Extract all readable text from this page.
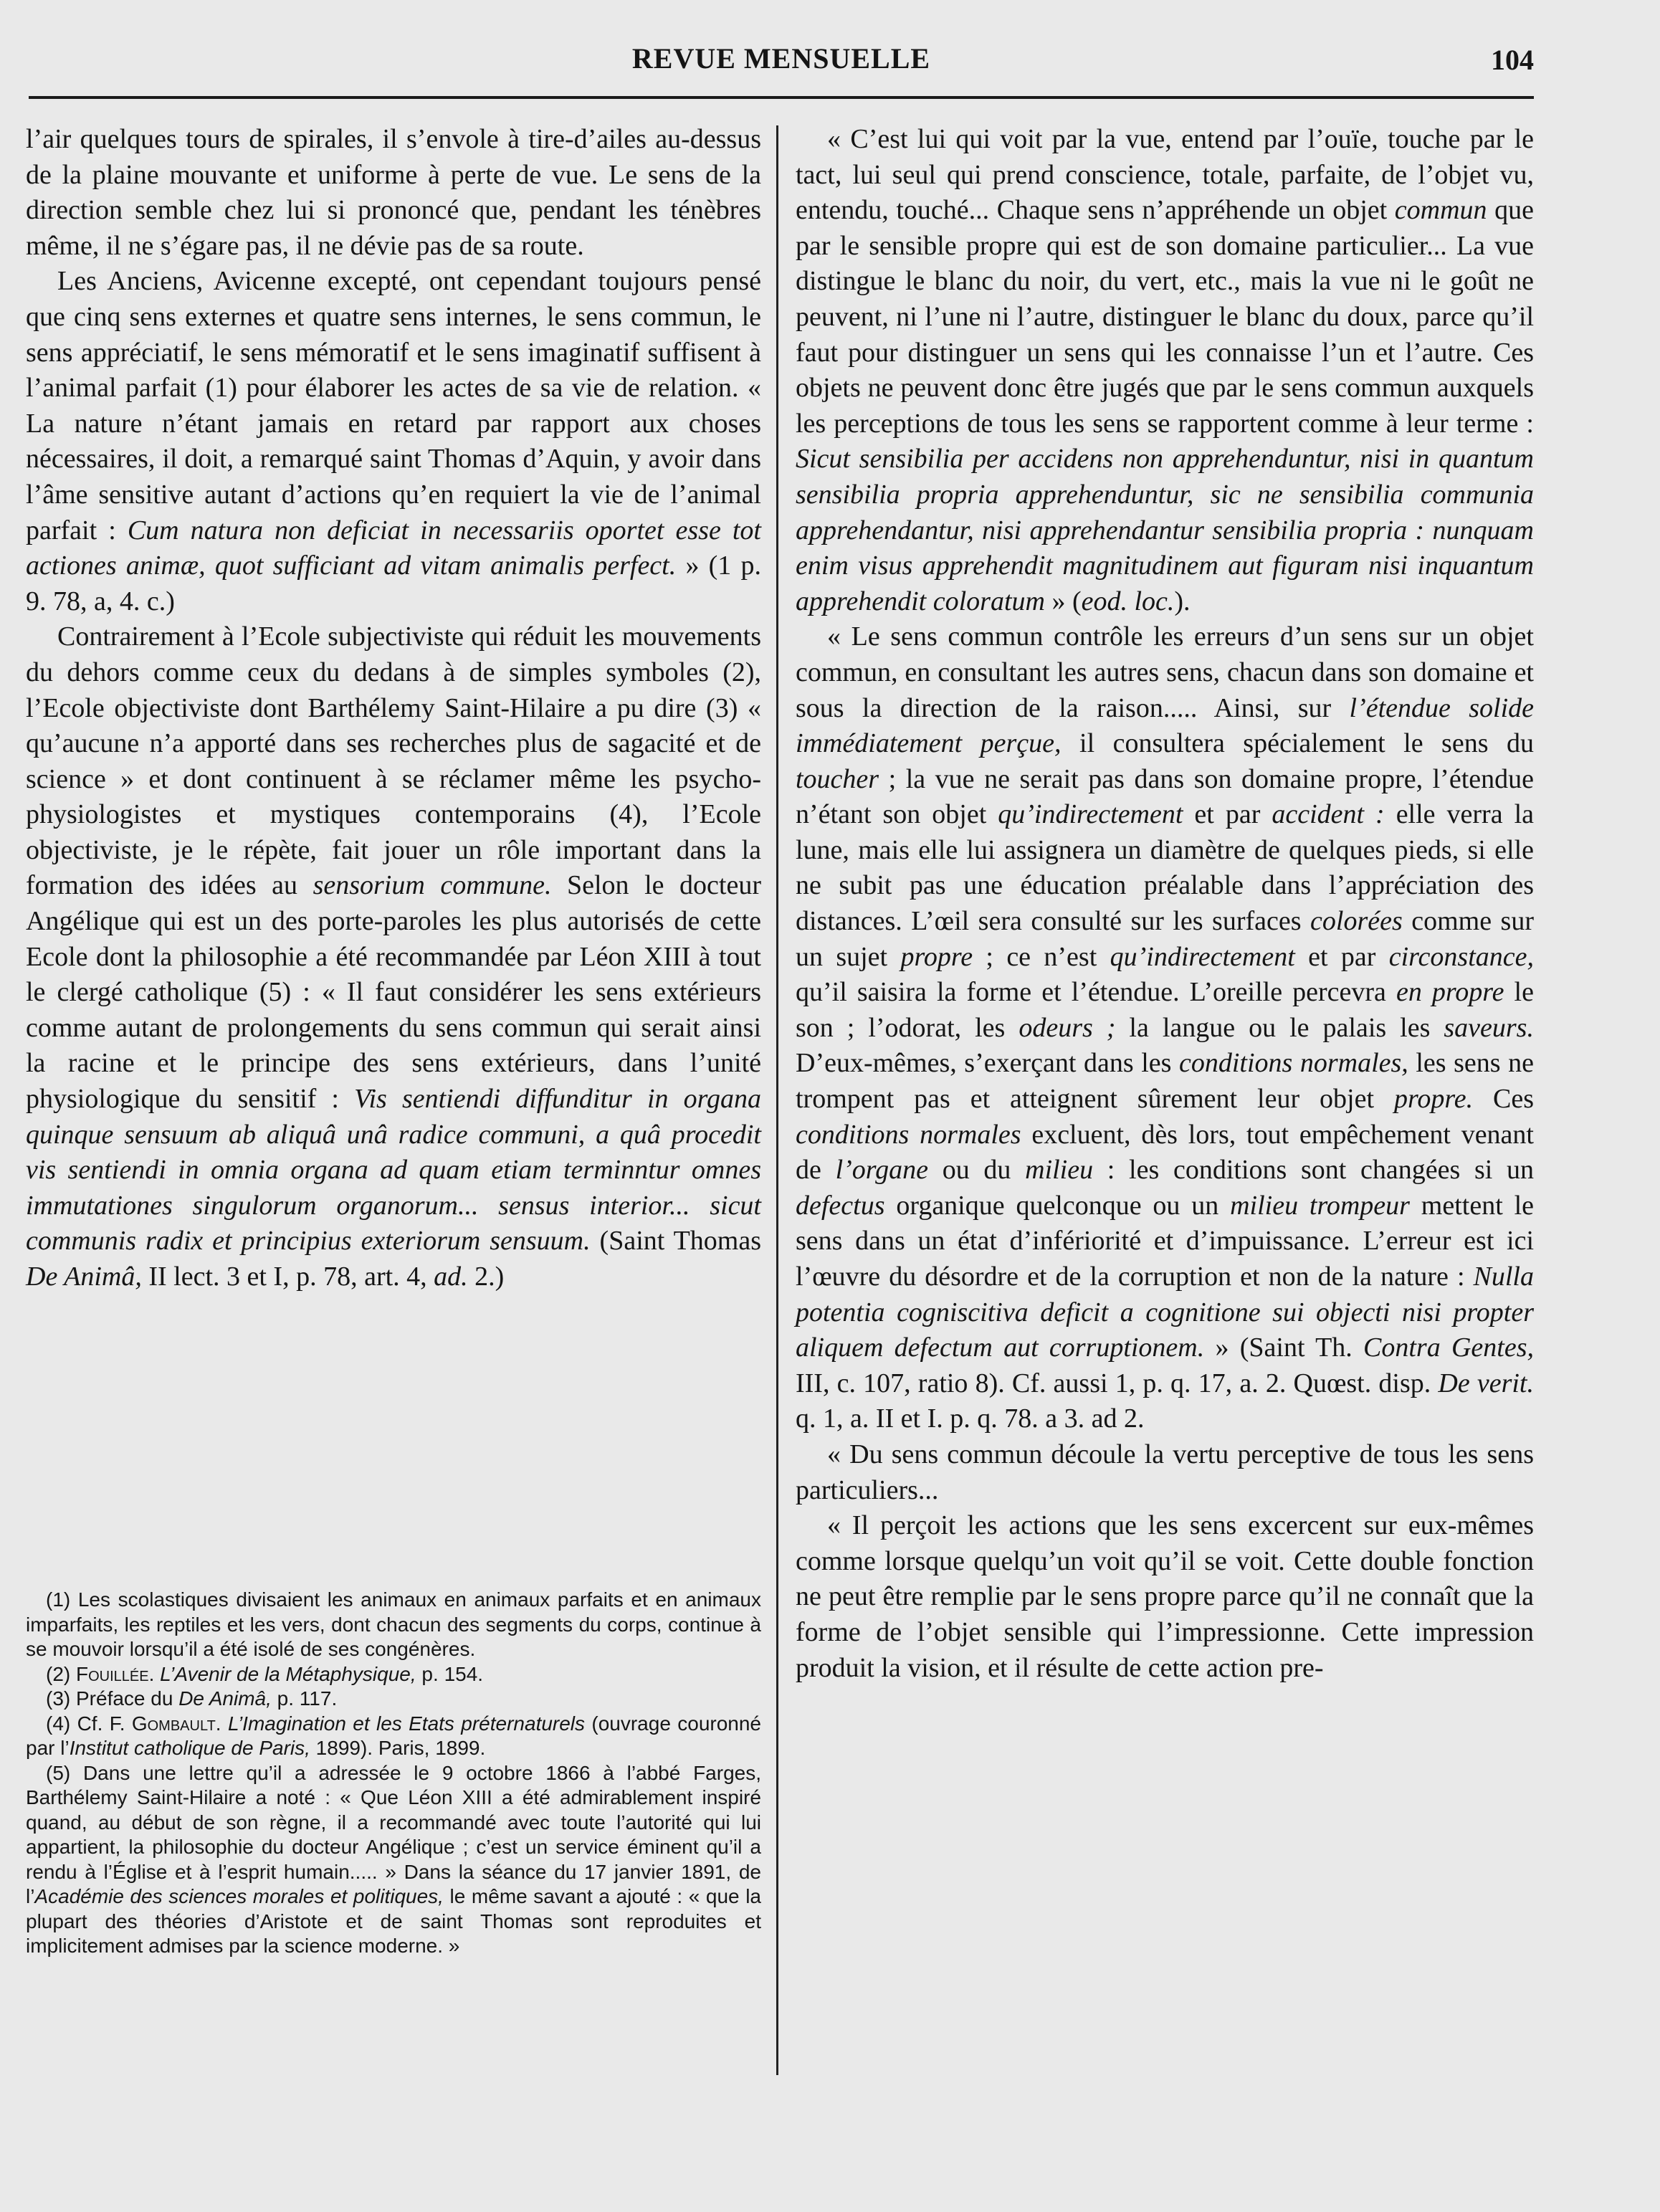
REVUE MENSUELLE	104

l’air quelques tours de spirales, il s’envole à tire-d’ailes au-dessus de la plaine mouvante et uniforme à perte de vue. Le sens de la direction semble chez lui si prononcé que, pendant les ténèbres même, il ne s’égare pas, il ne dévie pas de sa route.

Les Anciens, Avicenne excepté, ont cependant toujours pensé que cinq sens externes et quatre sens internes, le sens commun, le sens appréciatif, le sens mémoratif et le sens imaginatif suffisent à l’animal parfait (1) pour élaborer les actes de sa vie de relation. « La nature n’étant jamais en retard par rapport aux choses nécessaires, il doit, a remarqué saint Thomas d’Aquin, y avoir dans l’âme sensitive autant d’actions qu’en requiert la vie de l’animal parfait : Cum natura non deficiat in necessariis oportet esse tot actiones animæ, quot sufficiant ad vitam animalis perfect. » (1 p. 9. 78, a, 4. c.)

Contrairement à l’Ecole subjectiviste qui réduit les mouvements du dehors comme ceux du dedans à de simples symboles (2), l’Ecole objectiviste dont Barthélemy Saint-Hilaire a pu dire (3) « qu’aucune n’a apporté dans ses recherches plus de sagacité et de science » et dont continuent à se réclamer même les psycho-physiologistes et mystiques contemporains (4), l’Ecole objectiviste, je le répète, fait jouer un rôle important dans la formation des idées au sensorium commune. Selon le docteur Angélique qui est un des porte-paroles les plus autorisés de cette Ecole dont la philosophie a été recommandée par Léon XIII à tout le clergé catholique (5) : « Il faut considérer les sens extérieurs comme autant de prolongements du sens commun qui serait ainsi la racine et le principe des sens extérieurs, dans l’unité physiologique du sensitif : Vis sentiendi diffunditur in organa quinque sensuum ab aliquâ unâ radice communi, a quâ procedit vis sentiendi in omnia organa ad quam etiam terminntur omnes immutationes singulorum organorum... sensus interior... sicut communis radix et principius exteriorum sensuum. (Saint Thomas De Animâ, II lect. 3 et I, p. 78, art. 4, ad. 2.)

(1) Les scolastiques divisaient les animaux en animaux parfaits et en animaux imparfaits, les reptiles et les vers, dont chacun des segments du corps, continue à se mouvoir lorsqu’il a été isolé de ses congénères.

(2) Fouillée. L’Avenir de la Métaphysique, p. 154.

(3) Préface du De Animâ, p. 117.

(4) Cf. F. Gombault. L’Imagination et les Etats préternaturels (ouvrage couronné par l’Institut catholique de Paris, 1899). Paris, 1899.

(5) Dans une lettre qu’il a adressée le 9 octobre 1866 à l’abbé Farges, Barthélemy Saint-Hilaire a noté : « Que Léon XIII a été admirablement inspiré quand, au début de son règne, il a recommandé avec toute l’autorité qui lui appartient, la philosophie du docteur Angélique ; c’est un service éminent qu’il a rendu à l’Église et à l’esprit humain..... » Dans la séance du 17 janvier 1891, de l’Académie des sciences morales et politiques, le même savant a ajouté : « que la plupart des théories d’Aristote et de saint Thomas sont reproduites et implicitement admises par la science moderne. »

« C’est lui qui voit par la vue, entend par l’ouïe, touche par le tact, lui seul qui prend conscience, totale, parfaite, de l’objet vu, entendu, touché... Chaque sens n’appréhende un objet commun que par le sensible propre qui est de son domaine particulier... La vue distingue le blanc du noir, du vert, etc., mais la vue ni le goût ne peuvent, ni l’une ni l’autre, distinguer le blanc du doux, parce qu’il faut pour distinguer un sens qui les connaisse l’un et l’autre. Ces objets ne peuvent donc être jugés que par le sens commun auxquels les perceptions de tous les sens se rapportent comme à leur terme : Sicut sensibilia per accidens non apprehenduntur, nisi in quantum sensibilia propria apprehenduntur, sic ne sensibilia communia apprehendantur, nisi apprehendantur sensibilia propria : nunquam enim visus apprehendit magnitudinem aut figuram nisi inquantum apprehendit coloratum » (eod. loc.).

« Le sens commun contrôle les erreurs d’un sens sur un objet commun, en consultant les autres sens, chacun dans son domaine et sous la direction de la raison..... Ainsi, sur l’étendue solide immédiatement perçue, il consultera spécialement le sens du toucher ; la vue ne serait pas dans son domaine propre, l’étendue n’étant son objet qu’indirectement et par accident : elle verra la lune, mais elle lui assignera un diamètre de quelques pieds, si elle ne subit pas une éducation préalable dans l’appréciation des distances. L’œil sera consulté sur les surfaces colorées comme sur un sujet propre ; ce n’est qu’indirectement et par circonstance, qu’il saisira la forme et l’étendue. L’oreille percevra en propre le son ; l’odorat, les odeurs ; la langue ou le palais les saveurs. D’eux-mêmes, s’exerçant dans les conditions normales, les sens ne trompent pas et atteignent sûrement leur objet propre. Ces conditions normales excluent, dès lors, tout empêchement venant de l’organe ou du milieu : les conditions sont changées si un defectus organique quelconque ou un milieu trompeur mettent le sens dans un état d’infériorité et d’impuissance. L’erreur est ici l’œuvre du désordre et de la corruption et non de la nature : Nulla potentia cogniscitiva deficit a cognitione sui objecti nisi propter aliquem defectum aut corruptionem. » (Saint Th. Contra Gentes, III, c. 107, ratio 8). Cf. aussi 1, p. q. 17, a. 2. Quœst. disp. De verit. q. 1, a. II et I. p. q. 78. a 3. ad 2.

« Du sens commun découle la vertu perceptive de tous les sens particuliers...

« Il perçoit les actions que les sens excercent sur eux-mêmes comme lorsque quelqu’un voit qu’il se voit. Cette double fonction ne peut être remplie par le sens propre parce qu’il ne connaît que la forme de l’objet sensible qui l’impressionne. Cette impression produit la vision, et il résulte de cette action pre-
